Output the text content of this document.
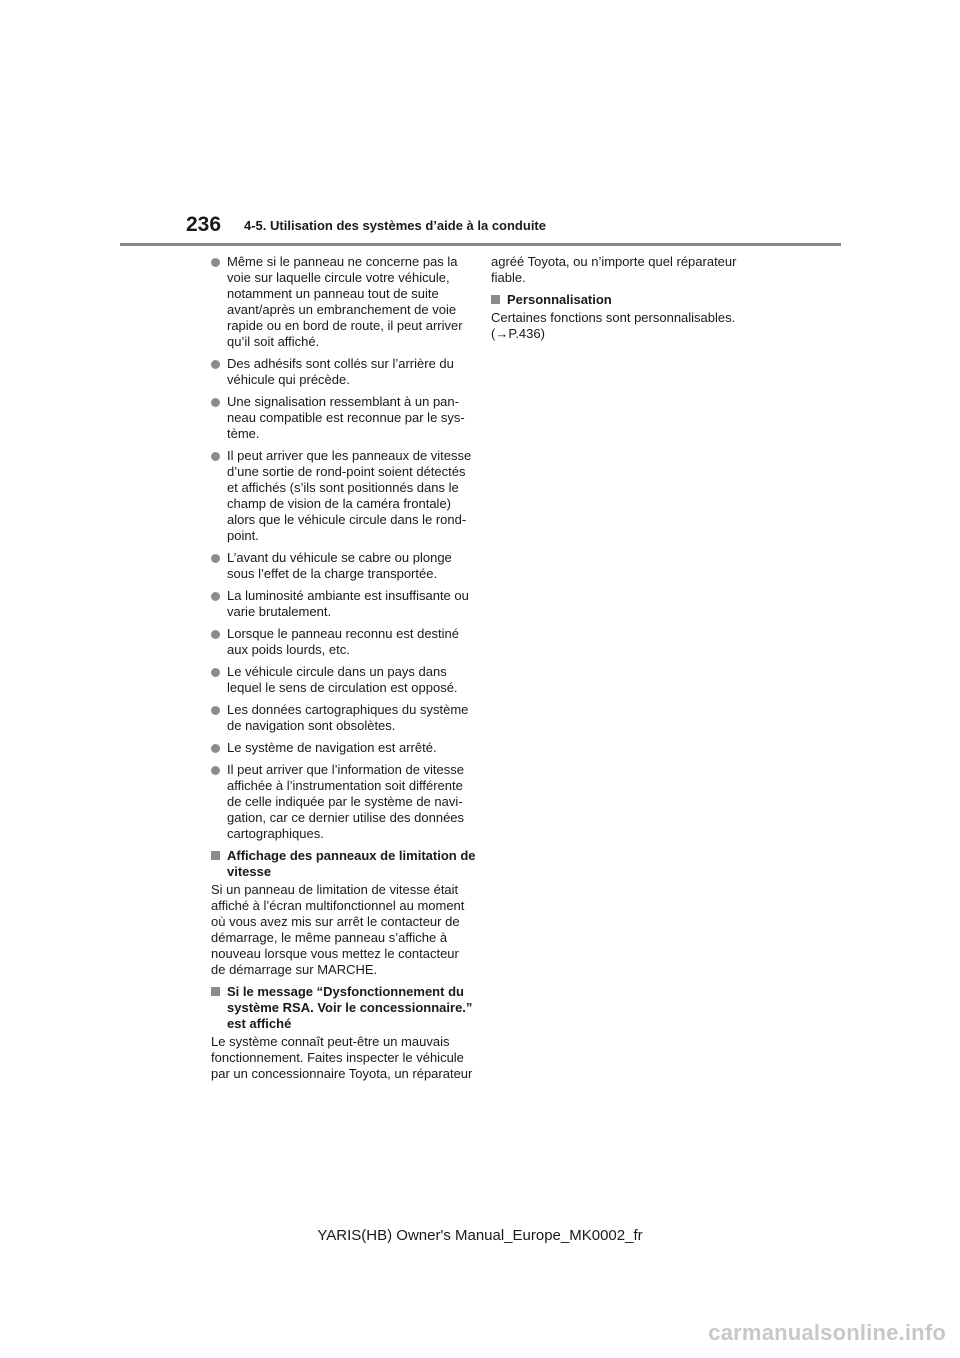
236 4-5. Utilisation des systèmes d’aide à la conduite
Même si le panneau ne concerne pas la
voie sur laquelle circule votre véhicule,
notamment un panneau tout de suite
avant/après un embranchement de voie
rapide ou en bord de route, il peut arriver
qu’il soit affiché.
Des adhésifs sont collés sur l’arrière du
véhicule qui précède.
Une signalisation ressemblant à un pan-
neau compatible est reconnue par le sys-
tème.
Il peut arriver que les panneaux de vitesse
d’une sortie de rond-point soient détectés
et affichés (s’ils sont positionnés dans le
champ de vision de la caméra frontale)
alors que le véhicule circule dans le rond-
point.
L’avant du véhicule se cabre ou plonge
sous l’effet de la charge transportée.
La luminosité ambiante est insuffisante ou
varie brutalement.
Lorsque le panneau reconnu est destiné
aux poids lourds, etc.
Le véhicule circule dans un pays dans
lequel le sens de circulation est opposé.
Les données cartographiques du système
de navigation sont obsolètes.
Le système de navigation est arrêté.
Il peut arriver que l’information de vitesse
affichée à l’instrumentation soit différente
de celle indiquée par le système de navi-
gation, car ce dernier utilise des données
cartographiques.
Affichage des panneaux de limitation de
vitesse
Si un panneau de limitation de vitesse était
affiché à l’écran multifonctionnel au moment
où vous avez mis sur arrêt le contacteur de
démarrage, le même panneau s’affiche à
nouveau lorsque vous mettez le contacteur
de démarrage sur MARCHE.
Si le message “Dysfonctionnement du
système RSA. Voir le concessionnaire.”
est affiché
Le système connaît peut-être un mauvais
fonctionnement. Faites inspecter le véhicule
par un concessionnaire Toyota, un réparateur
agréé Toyota, ou n’importe quel réparateur
fiable.
Personnalisation
Certaines fonctions sont personnalisables.
(→P.436)
YARIS(HB) Owner's Manual_Europe_MK0002_fr
carmanualsonline.info
